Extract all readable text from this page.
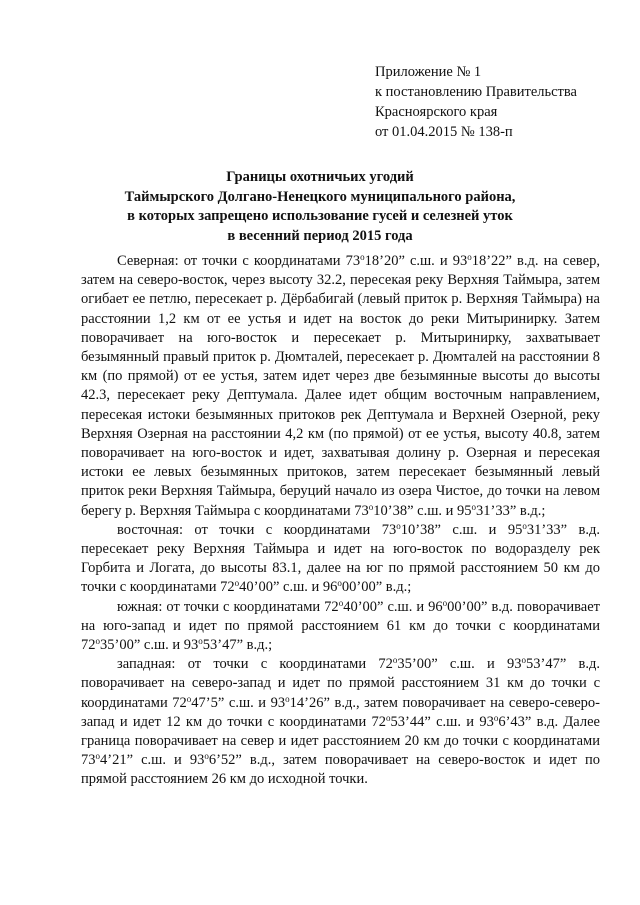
Приложение № 1
к постановлению Правительства
Красноярского края
от 01.04.2015 № 138-п
Границы охотничьих угодий
Таймырского Долгано-Ненецкого муниципального района,
в которых запрещено использование гусей и селезней уток
в весенний период 2015 года

Северная: от точки с координатами 73$^o$18’20” с.ш. и 93$^o$18’22” в.д. на север, затем на северо-восток, через высоту 32.2, пересекая реку Верхняя Таймыра, затем огибает ее петлю, пересекает р. Дёрбабигай (левый приток р. Верхняя Таймыра) на расстоянии 1,2 км от ее устья и идет на восток до реки Митыринирку. Затем поворачивает на юго-восток и пересекает р. Митыринирку, захватывает безымянный правый приток р. Дюмталей, пересекает р. Дюмталей на расстоянии 8 км (по прямой) от ее устья, затем идет через две безымянные высоты до высоты 42.3, пересекает реку Дептумала. Далее идет общим восточным направлением, пересекая истоки безымянных притоков рек Дептумала и Верхней Озерной, реку Верхняя Озерная на расстоянии 4,2 км (по прямой) от ее устья, высоту 40.8, затем поворачивает на юго-восток и идет, захватывая долину р. Озерная и пересекая истоки ее левых безымянных притоков, затем пересекает безымянный левый приток реки Верхняя Таймыра, беруций начало из озера Чистое, до точки на левом берегу р. Верхняя Таймыра с координатами 73$^o$10’38” с.ш. и 95$^o$31’33” в.д.;

восточная: от точки с координатами 73$^o$10’38” с.ш. и 95$^o$31’33” в.д. пересекает реку Верхняя Таймыра и идет на юго-восток по водоразделу рек Горбита и Логата, до высоты 83.1, далее на юг по прямой расстоянием 50 км до точки с координатами 72$^o$40’00” с.ш. и 96$^o$00’00” в.д.;

южная: от точки с координатами 72$^o$40’00” с.ш. и 96$^o$00’00” в.д. поворачивает на юго-запад и идет по прямой расстоянием 61 км до точки с координатами 72$^o$35’00” с.ш. и 93$^o$53’47” в.д.;

западная: от точки с координатами 72$^o$35’00” с.ш. и 93$^o$53’47” в.д. поворачивает на северо-запад и идет по прямой расстоянием 31 км до точки с координатами 72$^o$47’5” с.ш. и 93$^o$14’26” в.д., затем поворачивает на северо-северо-запад и идет 12 км до точки с координатами 72$^o$53’44” с.ш. и 93$^o$6’43” в.д. Далее граница поворачивает на север и идет расстоянием 20 км до точки с координатами 73$^o$4’21” с.ш. и 93$^o$6’52” в.д., затем поворачивает на северо-восток и идет по прямой расстоянием 26 км до исходной точки.
